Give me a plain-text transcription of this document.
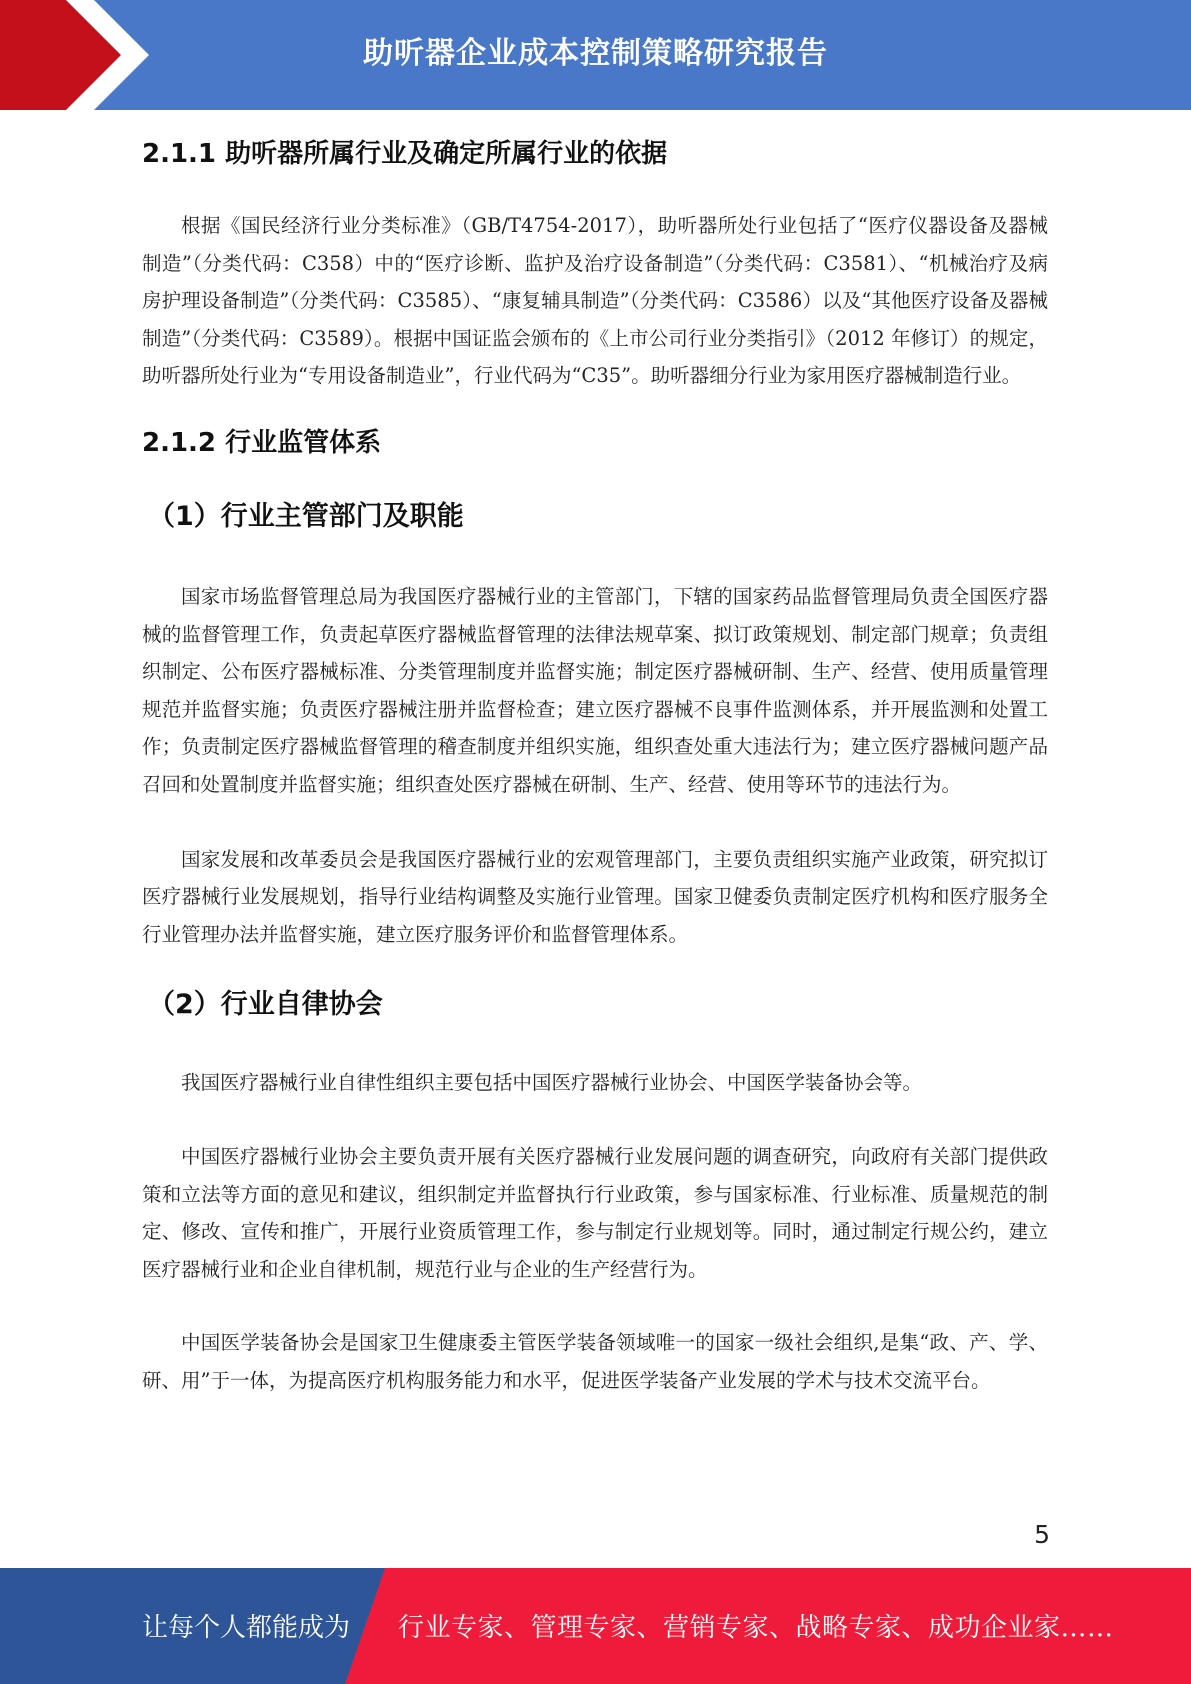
助听器企业成本控制策略研究报告
2.1.1 助听器所属行业及确定所属行业的依据

根据《国民经济行业分类标准》（GB/T4754-2017），助听器所处行业包括了“医疗仪器设备及器械制造”（分类代码：C358）中的“医疗诊断、监护及治疗设备制造”（分类代码：C3581）、“机械治疗及病房护理设备制造”（分类代码：C3585）、“康复辅具制造”（分类代码：C3586）以及“其他医疗设备及器械制造”（分类代码：C3589）。根据中国证监会颁布的《上市公司行业分类指引》（2012 年修订）的规定，助听器所处行业为“专用设备制造业”，行业代码为“C35”。助听器细分行业为家用医疗器械制造行业。

2.1.2 行业监管体系
（1）行业主管部门及职能

国家市场监督管理总局为我国医疗器械行业的主管部门，下辖的国家药品监督管理局负责全国医疗器械的监督管理工作，负责起草医疗器械监督管理的法律法规草案、拟订政策规划、制定部门规章；负责组织制定、公布医疗器械标准、分类管理制度并监督实施；制定医疗器械研制、生产、经营、使用质量管理规范并监督实施；负责医疗器械注册并监督检查；建立医疗器械不良事件监测体系，并开展监测和处置工作；负责制定医疗器械监督管理的稽查制度并组织实施，组织查处重大违法行为；建立医疗器械问题产品召回和处置制度并监督实施；组织查处医疗器械在研制、生产、经营、使用等环节的违法行为。

国家发展和改革委员会是我国医疗器械行业的宏观管理部门，主要负责组织实施产业政策，研究拟订医疗器械行业发展规划，指导行业结构调整及实施行业管理。国家卫健委负责制定医疗机构和医疗服务全行业管理办法并监督实施，建立医疗服务评价和监督管理体系。

（2）行业自律协会

我国医疗器械行业自律性组织主要包括中国医疗器械行业协会、中国医学装备协会等。

中国医疗器械行业协会主要负责开展有关医疗器械行业发展问题的调查研究，向政府有关部门提供政策和立法等方面的意见和建议，组织制定并监督执行行业政策，参与国家标准、行业标准、质量规范的制定、修改、宣传和推广，开展行业资质管理工作，参与制定行业规划等。同时，通过制定行规公约，建立医疗器械行业和企业自律机制，规范行业与企业的生产经营行为。

中国医学装备协会是国家卫生健康委主管医学装备领域唯一的国家一级社会组织,是集“政、产、学、研、用”于一体，为提高医疗机构服务能力和水平，促进医学装备产业发展的学术与技术交流平台。

5
让每个人都能成为 行业专家、管理专家、营销专家、战略专家、成功企业家……
